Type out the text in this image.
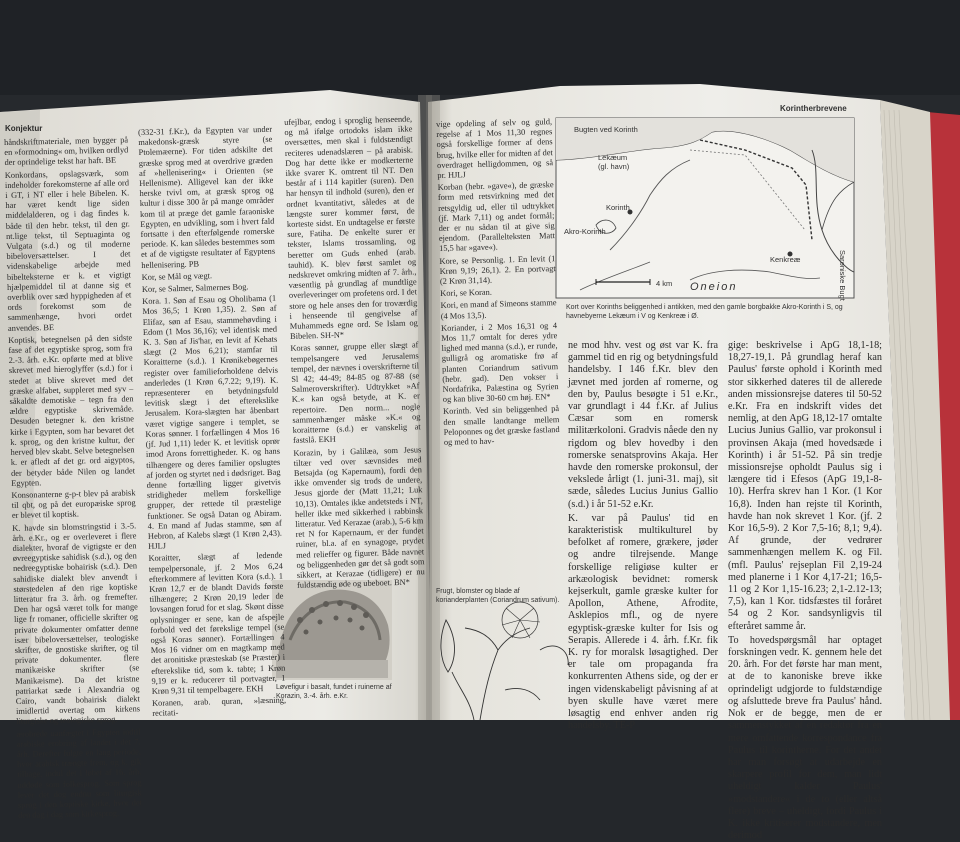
Bugten ved Korinth
Lekæum
(gl. havn)
Korinth
Akro-Korinth
Kenkreæ
Oneion	Saroniske Bugt
4 km
Konjektur
Korintherbrevene

håndskriftmateriale, men bygger på en »formodning« om, hvilken ordlyd der oprindelige tekst har haft. BE

Konkordans, opslagsværk, som indeholder forekomsterne af alle ord i GT, i NT eller i hele Bibelen. K. har været kendt lige siden middelalderen, og i dag findes k. både til den hebr. tekst, til den gr. nt.lige tekst, til Septuaginta og Vulgata (s.d.) og til moderne bibeloversættelser. I det videnskabelige arbejde med bibelteksterne er k. et vigtigt hjælpemiddel til at danne sig et overblik over sæd hyppigheden af et ords forekomst som de sammenhænge, hvori ordet anvendes. BE

Koptisk, betegnelsen på den sidste fase af det egyptiske sprog, som fra 2.-3. årh. e.Kr. opførte med at blive skrevet med hieroglyffer (s.d.) for i stedet at blive skrevet med det græske alfabet, suppleret med syv – såkaldte demotiske – tegn fra den ældre egyptiske skrivemåde. Desuden betegner k. den kristne kirke i Egypten, som har bevaret det k. sprog, og den kristne kultur, der herved blev skabt. Selve betegnelsen k. er afledt af det gr. ord aigyptos, der betyder både Nilen og landet Egypten.

Konsonanterne g-p-t blev på arabisk til qbt, og på det europæiske sprog er blevet til koptisk.

K. havde sin blomstringstid i 3.-5. årh. e.Kr., og er overleveret i flere dialekter, hvoraf de vigtigste er den øvreegyptiske sahidisk (s.d.), og den nedreegyptiske bohairisk (s.d.). Den sahidiske dialekt blev anvendt i størstedelen af den rige koptiske litteratur fra 3. årh. og fremefter. Den har også været tolk for mange lige fr romaner, officielle skrifter og private dokumenter omfatter denne især bibeloversættelser, teologiske skrifter, de gnostiske skrifter, og til private dokumenter. flere manikæiske skrifter (se Manikæisme). Da det kristne patriarkat sæde i Alexandria og Cairo, vandt bohairisk dialekt imidlertid overtag om kirkens liturgiske og teologiske sprog.

ærobrede uanfægtet i Egypten indtil arabiske erobring af landet i det 7. årh. Derefter fulgte en lang periode, hvor arabisk trængte frem, og k. gik tilbage, indtil det i løbet af 16. årh. uddøde som folkesprog. Som sprog lever det dog endnu som liturgisk sprog i den koptiske kirke, hvor det den dag i dag som kirkesprog.

(332-31 f.Kr.), da Egypten var under makedonsk-græsk styre (se Ptolemæerne). For tiden adskilte det græske sprog med at overdrive græden af »hellenisering« i Orienten (se Hellenisme). Alligevel kan der ikke herske tvivl om, at græsk sprog og kultur i disse 300 år på mange områder kom til at præge det gamle faraoniske Egypten, en udvikling, som i hvert fald fortsatte i den efterfølgende romerske periode. K. kan således bestemmes som et af de vigtigste resultater af Egyptens hellenisering. PB

Kor, se Mål og vægt.

Kor, se Salmer, Salmernes Bog.

Kora. 1. Søn af Esau og Oholibama (1 Mos 36,5; 1 Krøn 1,35). 2. Søn af Elifaz, søn af Esau, stammehøvding i Edom (1 Mos 36,16); vel identisk med K. 3. Søn af Jis'har, en levit af Kehats slægt (2 Mos 6,21); stamfar til Koraitterne (s.d.). I Krønikebøgernes register over familieforholdene delvis anderledes (1 Krøn 6,7.22; 9,19). K. repræsenterer en betydningsfuld levitisk slægt i det efterekslike Jerusalem. Kora-slægten har åbenbart været vigtige sangere i templet, se Koras sønner. I forfællingen 4 Mos 16 (jf. Jud 1,11) leder K. et levitisk oprør imod Arons forrettigheder. K. og hans tilhængere og deres familier opslugtes af jorden og styrtet ned i dødsriget. Bag denne fortælling ligger givetvis stridigheder mellem forskellige grupper, der rettede til præstelige funktioner. Se også Datan og Abiram. 4. En mand af Judas stamme, søn af Hebron, af Kalebs slægt (1 Krøn 2,43). HJLJ

Koraitter, slægt af ledende tempelpersonale, jf. 2 Mos 6,24 efterkommere af levitten Kora (s.d.). 1 Krøn 12,7 er de blandt Davids første tilhængere; 2 Krøn 20,19 leder de lovsangen forud for et slag. Skønt disse oplysninger er sene, kan de afspejle forbold ved det førekslige tempel (se også Koras sønner). Fortællingen 4 Mos 16 vidner om en magtkamp med det aronitiske præsteskab (se Præster) i efterekslike tid, som k. tabte; 1 Krøn 9,19 er k. reducerет til portvagter, 1 Krøn 9,31 til tempelbagere. EKH

Koranen, arab. quran, »læsning, recitati-

ufejlbar, endog i sproglig henseende, og må ifølge ortodoks islam ikke oversættes, men skal i fuldstændigt reciteres udenadslæren – på arabisk. Dog har dette ikke er modkerterne ikke svarer K. omtrent til NT. Den består af i 114 kapitler (suren). Den har hensyn til indhold (suren), den er ordnet kvantitativt, således at de længste surer kommer først, de korteste sidst. En undtagelse er første sure, Fatiha. De enkelte surer er tekster, Islams trossamling, og beretter om Guds enhed (arab. tauhid). K. blev først samlet og nedskrevet omkring midten af 7. årh., væsentlig på grundlag af mundtlige overleveringer om profetens ord. I det store og hele anses den for troværdig i henseende til gengivelse af Muhammeds egne ord. Se Islam og Bibelen. SH-N*

Koras sønner, gruppe eller slægt af tempelsangere ved Jerusalems tempel, der nævnes i overskrifterne til Sl 42; 44-49; 84-85 og 87-88 (se Salmeroverskrifter). Udtrykket »Af K.« kan også betyde, at K. er repertoire. Den norm... nogle sammenhænger måske »K.« og koraitterne (s.d.) er vanskelig at fastslå. EKH

Korazin, by i Galilæa, som Jesus tiltær ved over sævnsides med Betsajda (og Kapernaum), fordi den ikke omvender sig trods de undere, Jesus gjorde der (Matt 11,21; Luk 10,13). Omtales ikke andetsteds i NT, heller ikke med sikkerhed i rabbinsk litteratur. Ved Kerazae (arab.), 5-6 km ret N for Kapernaum, er der fundet ruiner, bl.a. af en synagoge, prydet med relieffer og figurer. Både navnet og beliggenheden gør det så godt som sikkert, at Kerazae (tidligere) er nu fuldstændig øde og ubeboet. BN*

Løvefigur i basalt, fundet i ruinerne af Korazin, 3.-4. årh. e.Kr.

vige opdeling af selv og guld, regelse af 1 Mos 11,30 regnes også forskellige former af dens brug, hvilke eller for midten af det overdraget helligdommen, og så pr. HJLJ

Korban (hebr. »gave«), de græske form med retsvirkning med det retsgyldig ud, eller til udtrykket (jf. Mark 7,11) og andet formål; der er nu sådan til at give sig ejendom. (Parallelteksten Matt 15,5 har »gave«).

Kore, se Personlig. 1. En levit (1 Krøn 9,19; 26,1). 2. En portvagt (2 Krøn 31,14).

Kori, se Koran.

Kori, en mand af Simeons stamme (4 Mos 13,5).

Koriander, i 2 Mos 16,31 og 4 Mos 11,7 omtalt for deres ydre lighed med manna (s.d.), er runde, gulligrå og aromatiske frø af planten Coriandrum sativum (hebr. gad). Den vokser i Nordafrika, Palæstina og Syrien og kan blive 30-60 cm høj. EN*

Korinth. Ved sin beliggenhed på den smalle landtange mellem Peloponnes og det græske fastland og med to hav-

Frugt, blomster og blade af korianderplanten (Coriandrum sativum).
Kort over Korinths beliggenhed i antikken, med den gamle borgbakke Akro-Korinth i S, og havnebyerne Lekæum i V og Kenkreæ i Ø.

ne mod hhv. vest og øst var K. fra gammel tid en rig og betydningsfuld handelsby. I 146 f.Kr. blev den jævnet med jorden af romerne, og den by, Paulus besøgte i 51 e.Kr., var grundlagt i 44 f.Kr. af Julius Cæsar som en romersk militærkoloni. Gradvis nåede den ny rigdom og blev hovedby i den romerske senatsprovins Akaja. Her havde den romerske prokonsul, der vekslede årligt (1. juni-31. maj), sit sæde, således Lucius Junius Gallio (s.d.) i år 51-52 e.Kr.

K. var på Paulus' tid en karakteristisk multikulturel by befolket af romere, grækere, jøder og andre tilrejsende. Mange forskellige religiøse kulter er arkæologisk bevidnet: romersk kejserkult, gamle græske kulter for Apollon, Athene, Afrodite, Asklepios mfl., og de nyere egyptisk-græske kulter for Isis og Serapis. Allerede i 4. årh. f.Kr. fik K. ry for moralsk løsagtighed. Der er tale om propaganda fra konkurrenten Athens side, og der er ingen videnskabeligt påvisning af at byen skulle have været mere løsagtig end enhver anden rig handelsby. TE-P

gige: beskrivelse i ApG 18,1-18; 18,27-19,1. På grundlag heraf kan Paulus' første ophold i Korinth med stor sikkerhed dateres til de allerede anden missionsrejse dateres til 50-52 e.Kr. Fra en indskrift vides det nemlig, at den ApG 18,12-17 omtalte Lucius Junius Gallio, var prokonsul i provinsen Akaja (med hovedsæde i Korinth) i år 51-52. På sin tredje missionsrejse opholdt Paulus sig i længere tid i Efesos (ApG 19,1-8-10). Herfra skrev han 1 Kor. (1 Kor 16,8). Inden han rejste til Korinth, havde han nok skrevet 1 Kor. (jf. 2 Kor 16,5-9). 2 Kor 7,5-16; 8,1; 9,4). Af grunde, der vedrører sammenhængen mellem K. og Fil. (mfl. Paulus' rejseplan Fil 2,19-24 med planerne i 1 Kor 4,17-21; 16,5-11 og 2 Kor 1,15-16.23; 2,1-2.12-13; 7,5), kan 1 Kor. tidsfæstes til foråret 54 og 2 Kor. sandsynligvis til efteråret samme år.

To hovedspørgsmål har optaget forskningen vedr. K. gennem hele det 20. årh. For det første har man ment, at de to kanoniske breve ikke oprindeligt udgjorde to fuldstændige og afsluttede breve fra Paulus' hånd. Nok er de begge, men de er sammenstykket af en redaktør fra en mere omfattende korrespondance fra Paulus til korintherne. For det andet har man forsøgt at udarbejde en skarpere profil for dem, man lidt uheldigt kalder Paulus' »modstandere« i de to (eller altså flere) breve – uheldigt, fordi Paulus i K. ikke kritiserer modstandere, men derimod
